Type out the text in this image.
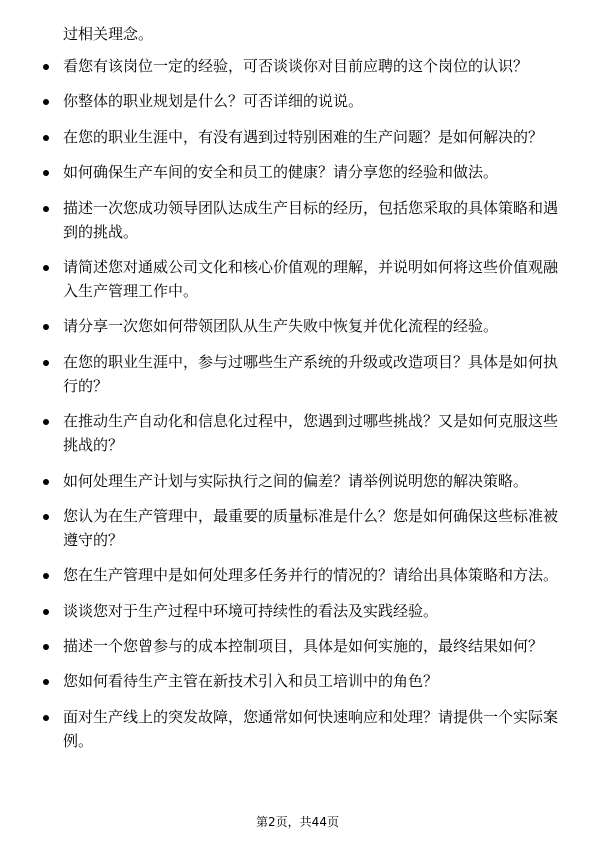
过相关理念。

看您有该岗位一定的经验，可否谈谈你对目前应聘的这个岗位的认识？
你整体的职业规划是什么？可否详细的说说。
在您的职业生涯中，有没有遇到过特别困难的生产问题？是如何解决的？
如何确保生产车间的安全和员工的健康？请分享您的经验和做法。
描述一次您成功领导团队达成生产目标的经历，包括您采取的具体策略和遇到的挑战。
请简述您对通威公司文化和核心价值观的理解，并说明如何将这些价值观融入生产管理工作中。
请分享一次您如何带领团队从生产失败中恢复并优化流程的经验。
在您的职业生涯中，参与过哪些生产系统的升级或改造项目？具体是如何执行的？
在推动生产自动化和信息化过程中，您遇到过哪些挑战？又是如何克服这些挑战的？
如何处理生产计划与实际执行之间的偏差？请举例说明您的解决策略。
您认为在生产管理中，最重要的质量标准是什么？您是如何确保这些标准被遵守的？
您在生产管理中是如何处理多任务并行的情况的？请给出具体策略和方法。
谈谈您对于生产过程中环境可持续性的看法及实践经验。
描述一个您曾参与的成本控制项目，具体是如何实施的，最终结果如何？
您如何看待生产主管在新技术引入和员工培训中的角色？
面对生产线上的突发故障，您通常如何快速响应和处理？请提供一个实际案例。
第2页，共44页
